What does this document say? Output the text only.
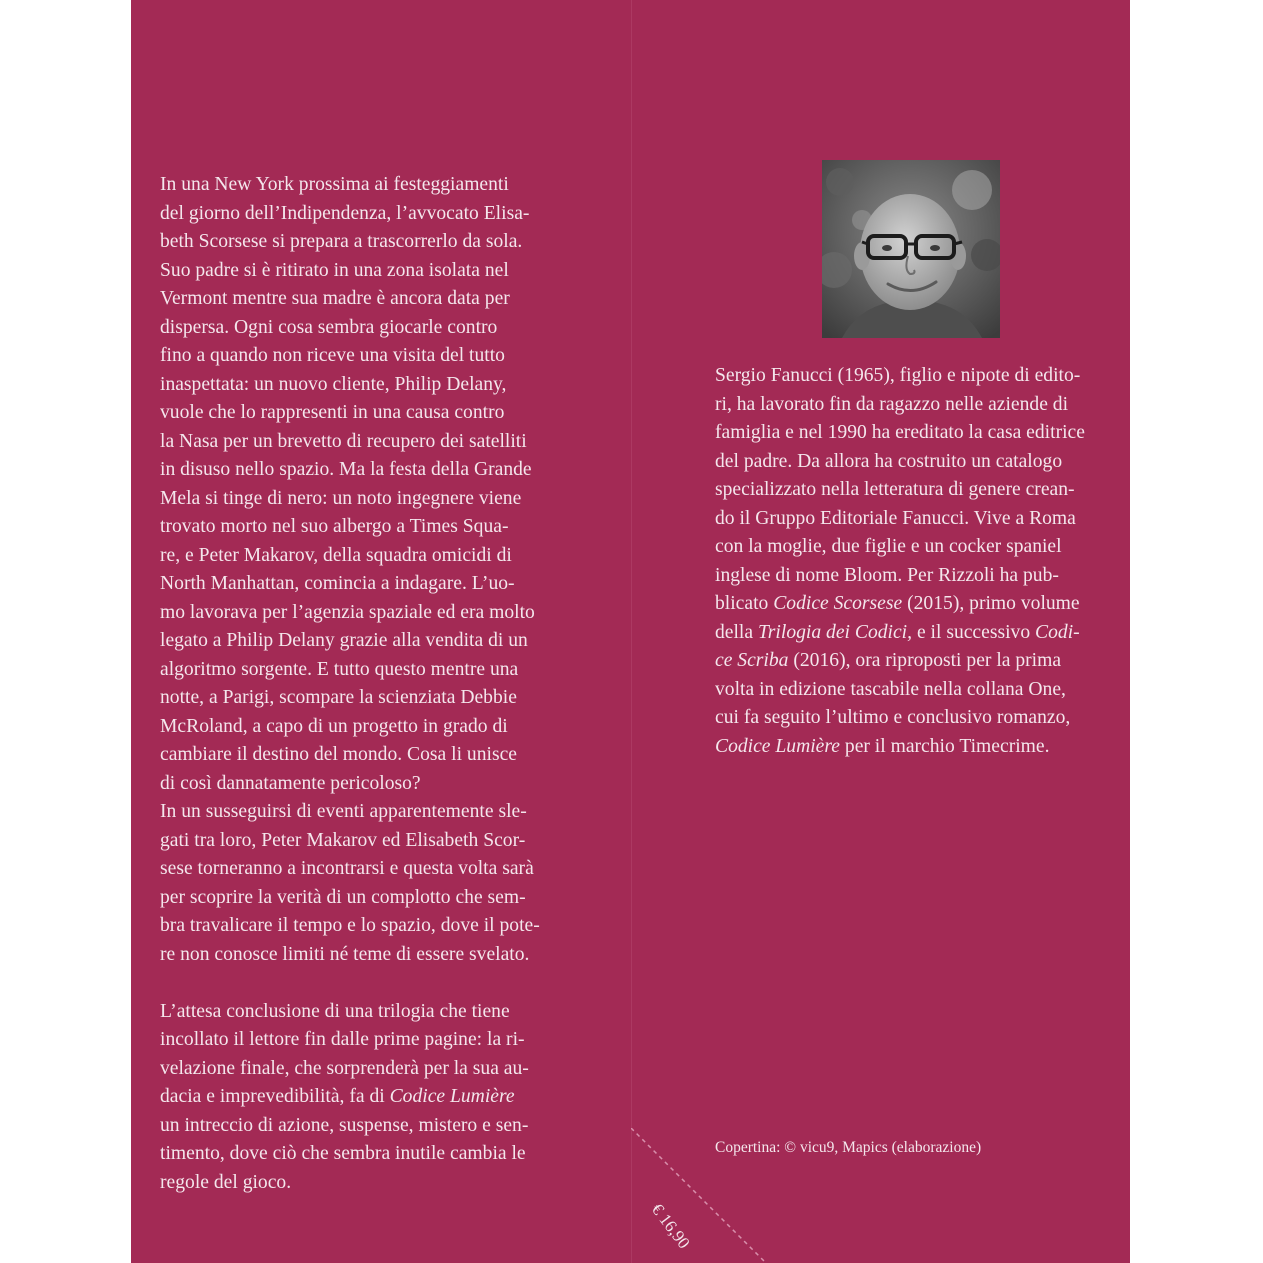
In una New York prossima ai festeggiamenti
del giorno dell’Indipendenza, l’avvocato Elisa-
beth Scorsese si prepara a trascorrerlo da sola.
Suo padre si è ritirato in una zona isolata nel
Vermont mentre sua madre è ancora data per
dispersa. Ogni cosa sembra giocarle contro
fino a quando non riceve una visita del tutto
inaspettata: un nuovo cliente, Philip Delany,
vuole che lo rappresenti in una causa contro
la Nasa per un brevetto di recupero dei satelliti
in disuso nello spazio. Ma la festa della Grande
Mela si tinge di nero: un noto ingegnere viene
trovato morto nel suo albergo a Times Squa-
re, e Peter Makarov, della squadra omicidi di
North Manhattan, comincia a indagare. L’uo-
mo lavorava per l’agenzia spaziale ed era molto
legato a Philip Delany grazie alla vendita di un
algoritmo sorgente. E tutto questo mentre una
notte, a Parigi, scompare la scienziata Debbie
McRoland, a capo di un progetto in grado di
cambiare il destino del mondo. Cosa li unisce
di così dannatamente pericoloso?
In un susseguirsi di eventi apparentemente sle-
gati tra loro, Peter Makarov ed Elisabeth Scor-
sese torneranno a incontrarsi e questa volta sarà
per scoprire la verità di un complotto che sem-
bra travalicare il tempo e lo spazio, dove il pote-
re non conosce limiti né teme di essere svelato.
L’attesa conclusione di una trilogia che tiene
incollato il lettore fin dalle prime pagine: la ri-
velazione finale, che sorprenderà per la sua au-
dacia e imprevedibilità, fa di Codice Lumière
un intreccio di azione, suspense, mistero e sen-
timento, dove ciò che sembra inutile cambia le
regole del gioco.
Sergio Fanucci (1965), figlio e nipote di edito-
ri, ha lavorato fin da ragazzo nelle aziende di
famiglia e nel 1990 ha ereditato la casa editrice
del padre. Da allora ha costruito un catalogo
specializzato nella letteratura di genere crean-
do il Gruppo Editoriale Fanucci. Vive a Roma
con la moglie, due figlie e un cocker spaniel
inglese di nome Bloom. Per Rizzoli ha pub-
blicato Codice Scorsese (2015), primo volume
della Trilogia dei Codici, e il successivo Codi-
ce Scriba (2016), ora riproposti per la prima
volta in edizione tascabile nella collana One,
cui fa seguito l’ultimo e conclusivo romanzo,
Codice Lumière per il marchio Timecrime.
Copertina: © vicu9, Mapics (elaborazione)
€ 16,90
